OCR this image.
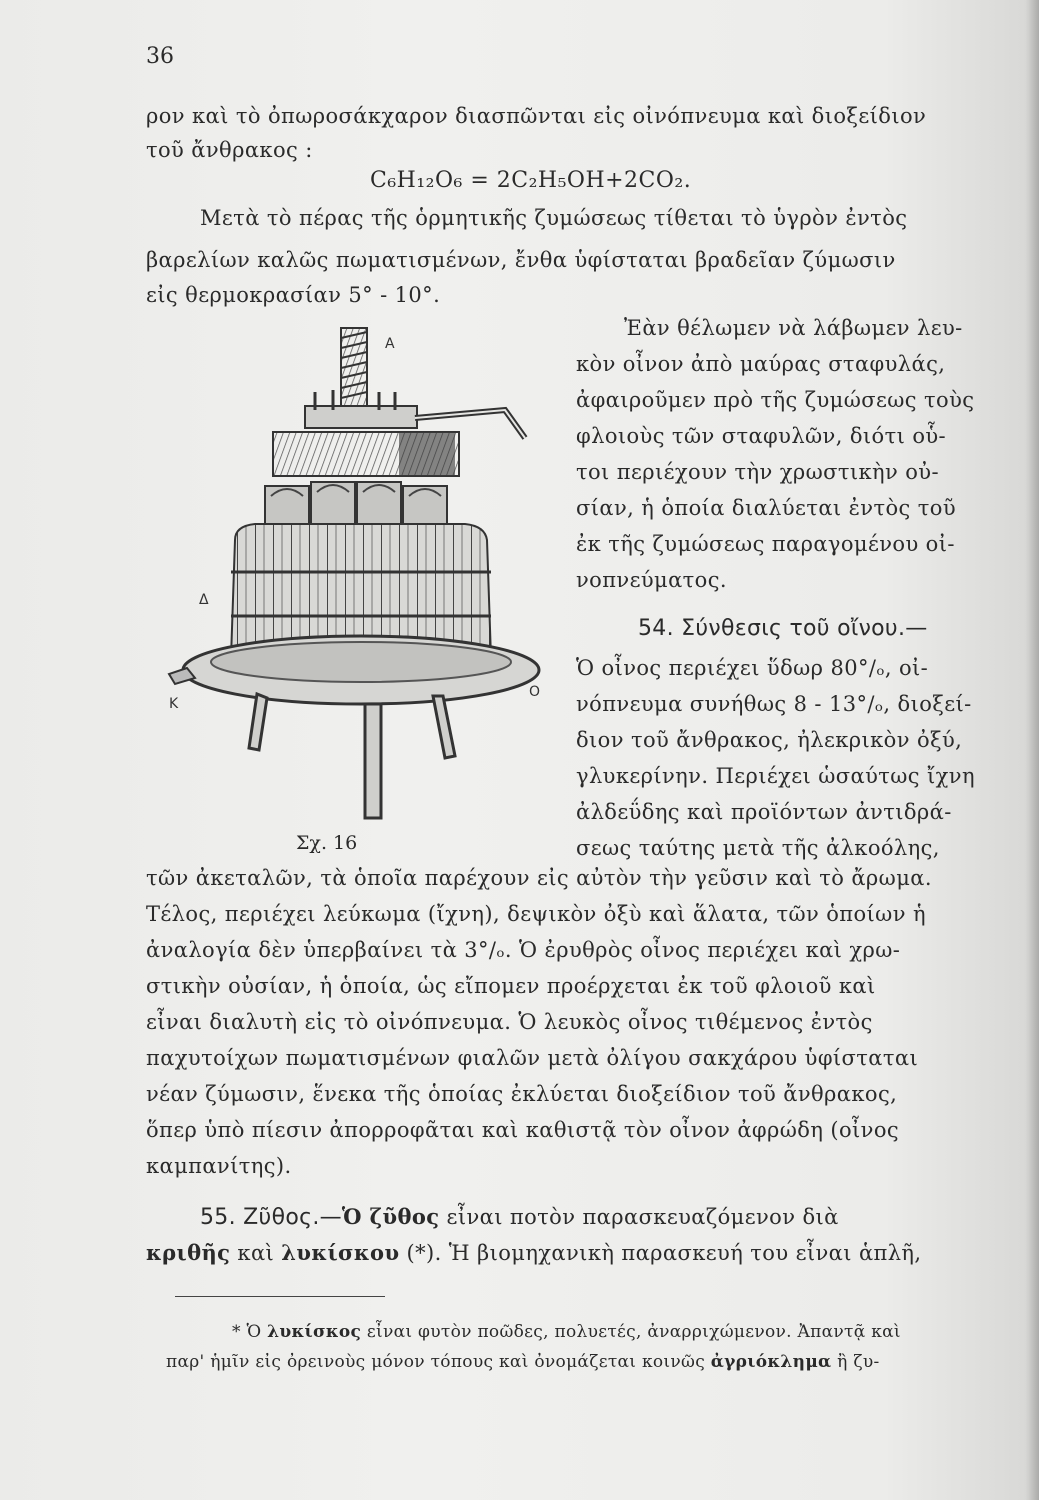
36
ρον καὶ τὸ ὀπωροσάκχαρον διασπῶνται εἰς οἰνόπνευμα καὶ διοξείδιον
τοῦ ἄνθρακος :
C₆H₁₂O₆ = 2C₂H₅OH+2CO₂.
Μετὰ τὸ πέρας τῆς ὁρμητικῆς ζυμώσεως τίθεται τὸ ὑγρὸν ἐντὸς
βαρελίων καλῶς πωματισμένων, ἔνθα ὑφίσταται βραδεῖαν ζύμωσιν
εἰς θερμοκρασίαν 5° - 10°.
Ἐὰν θέλωμεν νὰ λάβωμεν λευ-
κὸν οἶνον ἀπὸ μαύρας σταφυλάς,
ἀφαιροῦμεν πρὸ τῆς ζυμώσεως τοὺς
φλοιοὺς τῶν σταφυλῶν, διότι οὗ-
τοι περιέχουν τὴν χρωστικὴν οὐ-
σίαν, ἡ ὁποία διαλύεται ἐντὸς τοῦ
ἐκ τῆς ζυμώσεως παραγομένου οἰ-
νοπνεύματος.
54. Σύνθεσις τοῦ οἴνου.—
Ὁ οἶνος περιέχει ὕδωρ 80°/ₒ, οἰ-
νόπνευμα συνήθως 8 - 13°/ₒ, διοξεί-
διον τοῦ ἄνθρακος, ἠλεκρικὸν ὀξύ,
γλυκερίνην. Περιέχει ὡσαύτως ἴχνη
ἀλδεΰδης καὶ προϊόντων ἀντιδρά-
σεως ταύτης μετὰ τῆς ἀλκοόλης,
Α
Δ
Κ
Ο
Σχ. 16
τῶν ἀκεταλῶν, τὰ ὁποῖα παρέχουν εἰς αὐτὸν τὴν γεῦσιν καὶ τὸ ἄρωμα.
Τέλος, περιέχει λεύκωμα (ἴχνη), δεψικὸν ὀξὺ καὶ ἅλατα, τῶν ὁποίων ἡ
ἀναλογία δὲν ὑπερβαίνει τὰ 3°/ₒ. Ὁ ἐρυθρὸς οἶνος περιέχει καὶ χρω-
στικὴν οὐσίαν, ἡ ὁποία, ὡς εἴπομεν προέρχεται ἐκ τοῦ φλοιοῦ καὶ
εἶναι διαλυτὴ εἰς τὸ οἰνόπνευμα. Ὁ λευκὸς οἶνος τιθέμενος ἐντὸς
παχυτοίχων πωματισμένων φιαλῶν μετὰ ὀλίγου σακχάρου ὑφίσταται
νέαν ζύμωσιν, ἕνεκα τῆς ὁποίας ἐκλύεται διοξείδιον τοῦ ἄνθρακος,
ὅπερ ὑπὸ πίεσιν ἀπορροφᾶται καὶ καθιστᾷ τὸν οἶνον ἀφρώδη (οἶνος
καμπανίτης).
55. Ζῦθος.—Ὁ ζῦθος εἶναι ποτὸν παρασκευαζόμενον διὰ
κριθῆς καὶ λυκίσκου (*). Ἡ βιομηχανικὴ παρασκευή του εἶναι ἁπλῆ,
* Ὁ λυκίσκος εἶναι φυτὸν ποῶδες, πολυετές, ἀναρριχώμενον. Ἀπαντᾷ καὶ
παρ' ἡμῖν εἰς ὀρεινοὺς μόνον τόπους καὶ ὀνομάζεται κοινῶς ἀγριόκλημα ἢ ζυ-
